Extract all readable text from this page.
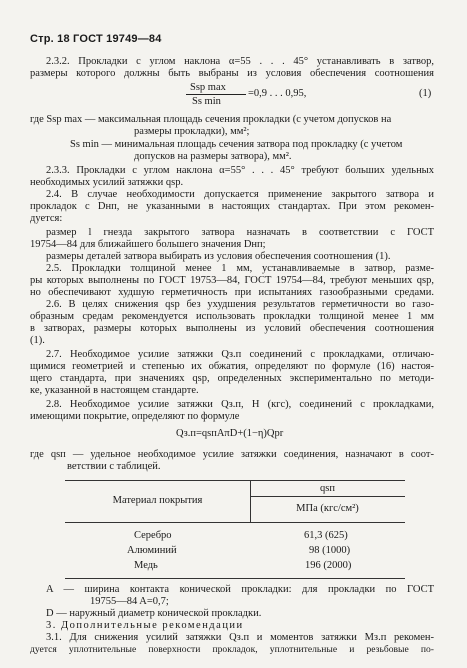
Стр. 18 ГОСТ 19749—84
2.3.2. Прокладки с углом наклона α=55 . . . 45° устанавливать в затвор,
размеры которого должны быть выбраны из условия обеспечения соотношения
S​sp max
S​s min
=0,9 . . . 0,95,	(1)
где S​sp max — максимальная площадь сечения прокладки (с учетом допусков на
размеры прокладки), мм²;
S​s min — минимальная площадь сечения затвора под прокладку (с учетом
допусков на размеры затвора), мм².
2.3.3. Прокладки с углом наклона α=55° . . . 45° требуют больших удельных
необходимых усилий затяжки qsp.
2.4. В случае необходимости допускается применение закрытого затвора и
прокладок с Dнп, не указанными в настоящих стандартах. При этом рекомен-
дуется:
размер l гнезда закрытого затвора назначать в соответствии с ГОСТ
19754—84 для ближайшего большего значения Dнп;
размеры деталей затвора выбирать из условия обеспечения соотношения (1).
2.5. Прокладки толщиной менее 1 мм, устанавливаемые в затвор, разме-
ры которых выполнены по ГОСТ 19753—84, ГОСТ 19754—84, требуют меньших qsp,
но обеспечивают худшую герметичность при испытаниях газообразными средами.
2.6. В целях снижения qsp без ухудшения результатов герметичности во газо-
образным средам рекомендуется использовать прокладки толщиной менее 1 мм
в затворах, размеры которых выполнены из условий обеспечения соотношения
(1).
2.7. Необходимое усилие затяжки Qз.п соединений с прокладками, отличаю-
щимися геометрией и степенью их обжатия, определяют по формуле (16) настоя-
щего стандарта, при значениях qsp, определенных экспериментально по методи-
ке, указанной в настоящем стандарте.
2.8. Необходимое усилие затяжки Qз.п, Н (кгс), соединений с прокладками,
имеющими покрытие, определяют по формуле
Qз.п=qsпAπD+(1−η)Qpr
где qsп — удельное необходимое усилие затяжки соединения, назначают в соот-
ветствии с таблицей.
Материал покрытия
qsп
МПа (кгс/см²)
Серебро	61,3 (625)
Алюминий	98 (1000)
Медь	196 (2000)
A — ширина контакта конической прокладки: для прокладки по ГОСТ
19755—84 A=0,7;
D — наружный диаметр конической прокладки.
3. Дополнительные рекомендации
3.1. Для снижения усилий затяжки Qз.п и моментов затяжки Mз.п рекомен-
дуется уплотнительные поверхности прокладок, уплотнительные и резьбовые по-
